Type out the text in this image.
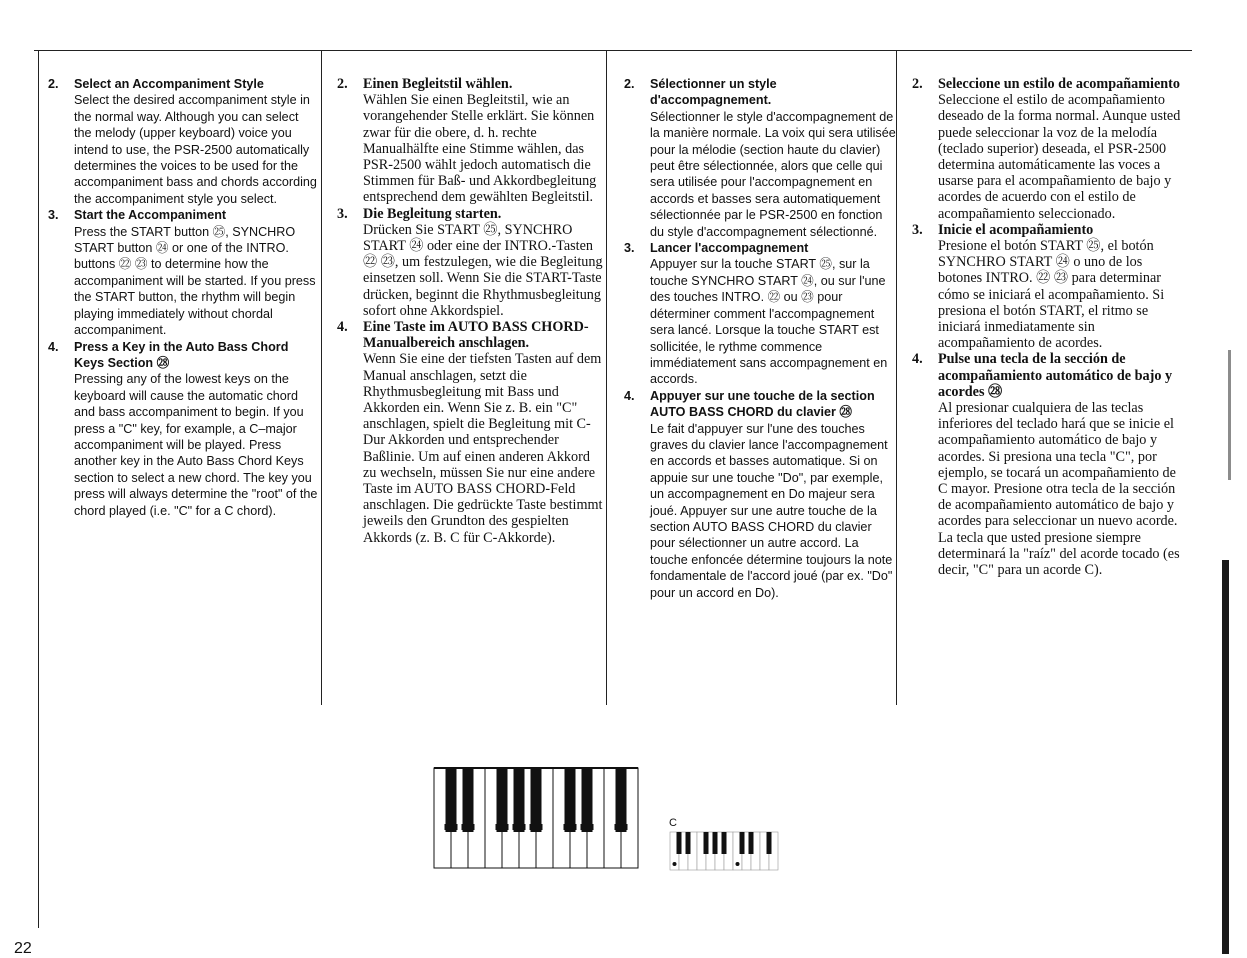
2. Select an Accompaniment Style
Select the desired accompaniment style in the normal way. Although you can select the melody (upper keyboard) voice you intend to use, the PSR-2500 automatically determines the voices to be used for the accompaniment bass and chords according the accompaniment style you select.
3. Start the Accompaniment
Press the START button ㉕, SYNCHRO START button ㉔ or one of the INTRO. buttons ㉒ ㉓ to determine how the accompaniment will be started. If you press the START button, the rhythm will begin playing immediately without chordal accompaniment.
4. Press a Key in the Auto Bass Chord Keys Section ㉘
Pressing any of the lowest keys on the keyboard will cause the automatic chord and bass accompaniment to begin. If you press a "C" key, for example, a C–major accompaniment will be played. Press another key in the Auto Bass Chord Keys section to select a new chord. The key you press will always determine the "root" of the chord played (i.e. "C" for a C chord).
2. Einen Begleitstil wählen.
Wählen Sie einen Begleitstil, wie an vorangehender Stelle erklärt. Sie können zwar für die obere, d. h. rechte Manualhälfte eine Stimme wählen, das PSR-2500 wählt jedoch automatisch die Stimmen für Baß- und Akkordbegleitung entsprechend dem gewählten Begleitstil.
3. Die Begleitung starten.
Drücken Sie START ㉕, SYNCHRO START ㉔ oder eine der INTRO.-Tasten ㉒ ㉓, um festzulegen, wie die Begleitung einsetzen soll. Wenn Sie die START-Taste drücken, beginnt die Rhythmusbegleitung sofort ohne Akkordspiel.
4. Eine Taste im AUTO BASS CHORD-Manualbereich anschlagen.
Wenn Sie eine der tiefsten Tasten auf dem Manual anschlagen, setzt die Rhythmusbegleitung mit Bass und Akkorden ein. Wenn Sie z. B. ein "C" anschlagen, spielt die Begleitung mit C-Dur Akkorden und entsprechender Baßlinie. Um auf einen anderen Akkord zu wechseln, müssen Sie nur eine andere Taste im AUTO BASS CHORD-Feld anschlagen. Die gedrückte Taste bestimmt jeweils den Grundton des gespielten Akkords (z. B. C für C-Akkorde).
2. Sélectionner un style d'accompagnement.
Sélectionner le style d'accompagnement de la manière normale. La voix qui sera utilisée pour la mélodie (section haute du clavier) peut être sélectionnée, alors que celle qui sera utilisée pour l'accompagnement en accords et basses sera automatiquement sélectionnée par le PSR-2500 en fonction du style d'accompagnement sélectionné.
3. Lancer l'accompagnement
Appuyer sur la touche START ㉕, sur la touche SYNCHRO START ㉔, ou sur l'une des touches INTRO. ㉒ ou ㉓ pour déterminer comment l'accompagnement sera lancé. Lorsque la touche START est sollicitée, le rythme commence immédiatement sans accompagnement en accords.
4. Appuyer sur une touche de la section AUTO BASS CHORD du clavier ㉘
Le fait d'appuyer sur l'une des touches graves du clavier lance l'accompagnement en accords et basses automatique. Si on appuie sur une touche "Do", par exemple, un accompagnement en Do majeur sera joué. Appuyer sur une autre touche de la section AUTO BASS CHORD du clavier pour sélectionner un autre accord. La touche enfoncée détermine toujours la note fondamentale de l'accord joué (par ex. "Do" pour un accord en Do).
2. Seleccione un estilo de acompañamiento
Seleccione el estilo de acompañamiento deseado de la forma normal. Aunque usted puede seleccionar la voz de la melodía (teclado superior) deseada, el PSR-2500 determina automáticamente las voces a usarse para el acompañamiento de bajo y acordes de acuerdo con el estilo de acompañamiento seleccionado.
3. Inicie el acompañamiento
Presione el botón START ㉕, el botón SYNCHRO START ㉔ o uno de los botones INTRO. ㉒ ㉓ para determinar cómo se iniciará el acompañamiento. Si presiona el botón START, el ritmo se iniciará inmediatamente sin acompañamiento de acordes.
4. Pulse una tecla de la sección de acompañamiento automático de bajo y acordes ㉘
Al presionar cualquiera de las teclas inferiores del teclado hará que se inicie el acompañamiento automático de bajo y acordes. Si presiona una tecla "C", por ejemplo, se tocará un acompañamiento de C mayor. Presione otra tecla de la sección de acompañamiento automático de bajo y acordes para seleccionar un nuevo acorde. La tecla que usted presione siempre determinará la "raíz" del acorde tocado (es decir, "C" para un acorde C).
C
22
